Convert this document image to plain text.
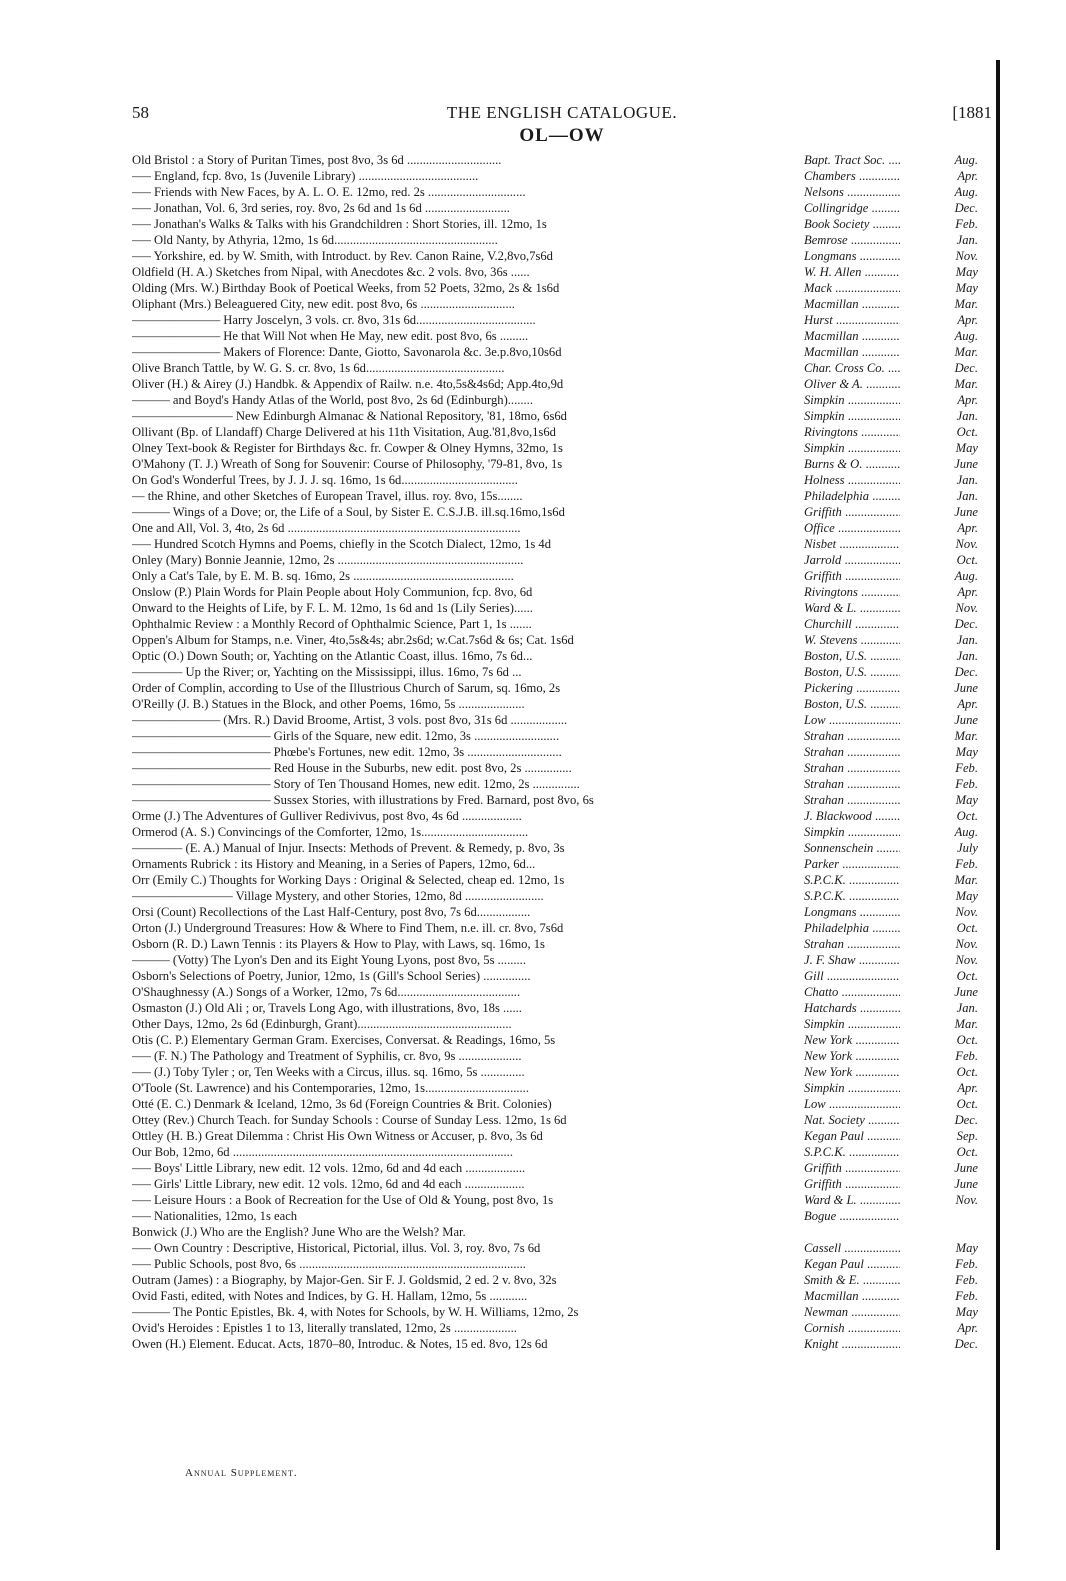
58	THE ENGLISH CATALOGUE.	[1881
OL—OW
Old Bristol : a Story of Puritan Times, post 8vo, 3s 6d ..............................	Bapt. Tract Soc. .....	Aug.
—– England, fcp. 8vo, 1s (Juvenile Library) ......................................	Chambers .....	Apr.
—– Friends with New Faces, by A. L. O. E. 12mo, red. 2s ...............................	Nelsons .....	Aug.
—– Jonathan, Vol. 6, 3rd series, roy. 8vo, 2s 6d and 1s 6d ...........................	Collingridge .....	Dec.
—– Jonathan's Walks & Talks with his Grandchildren : Short Stories, ill. 12mo, 1s	Book Society .....	Feb.
—– Old Nanty, by Athyria, 12mo, 1s 6d....................................................	Bemrose .....	Jan.
—– Yorkshire, ed. by W. Smith, with Introduct. by Rev. Canon Raine, V.2,8vo,7s6d	Longmans .....	Nov.
Oldfield (H. A.) Sketches from Nipal, with Anecdotes &c. 2 vols. 8vo, 36s ......	W. H. Allen .....	May
Olding (Mrs. W.) Birthday Book of Poetical Weeks, from 52 Poets, 32mo, 2s & 1s6d	Mack .....	May
Oliphant (Mrs.) Beleaguered City, new edit. post 8vo, 6s ..............................	Macmillan .....	Mar.
——————— Harry Joscelyn, 3 vols. cr. 8vo, 31s 6d......................................	Hurst .....	Apr.
——————— He that Will Not when He May, new edit. post 8vo, 6s .........	Macmillan .....	Aug.
——————— Makers of Florence: Dante, Giotto, Savonarola &c. 3e.p.8vo,10s6d	Macmillan .....	Mar.
Olive Branch Tattle, by W. G. S. cr. 8vo, 1s 6d............................................	Char. Cross Co. .....	Dec.
Oliver (H.) & Airey (J.) Handbk. & Appendix of Railw. n.e. 4to,5s&4s6d; App.4to,9d	Oliver & A. .....	Mar.
——— and Boyd's Handy Atlas of the World, post 8vo, 2s 6d (Edinburgh)........	Simpkin .....	Apr.
———————— New Edinburgh Almanac & National Repository, '81, 18mo, 6s6d	Simpkin .....	Jan.
Ollivant (Bp. of Llandaff) Charge Delivered at his 11th Visitation, Aug.'81,8vo,1s6d	Rivingtons .....	Oct.
Olney Text-book & Register for Birthdays &c. fr. Cowper & Olney Hymns, 32mo, 1s	Simpkin .....	May
O'Mahony (T. J.) Wreath of Song for Souvenir: Course of Philosophy, '79-81, 8vo, 1s	Burns & O. .....	June
On God's Wonderful Trees, by J. J. J. sq. 16mo, 1s 6d.....................................	Holness .....	Jan.
— the Rhine, and other Sketches of European Travel, illus. roy. 8vo, 15s........	Philadelphia .....	Jan.
——— Wings of a Dove; or, the Life of a Soul, by Sister E. C.S.J.B. ill.sq.16mo,1s6d	Griffith .....	June
One and All, Vol. 3, 4to, 2s 6d ..........................................................................	Office .....	Apr.
—– Hundred Scotch Hymns and Poems, chiefly in the Scotch Dialect, 12mo, 1s 4d	Nisbet .....	Nov.
Onley (Mary) Bonnie Jeannie, 12mo, 2s ...........................................................	Jarrold .....	Oct.
Only a Cat's Tale, by E. M. B. sq. 16mo, 2s ...................................................	Griffith .....	Aug.
Onslow (P.) Plain Words for Plain People about Holy Communion, fcp. 8vo, 6d	Rivingtons .....	Apr.
Onward to the Heights of Life, by F. L. M. 12mo, 1s 6d and 1s (Lily Series)......	Ward & L. .....	Nov.
Ophthalmic Review : a Monthly Record of Ophthalmic Science, Part 1, 1s .......	Churchill .....	Dec.
Oppen's Album for Stamps, n.e. Viner, 4to,5s&4s; abr.2s6d; w.Cat.7s6d & 6s; Cat. 1s6d	W. Stevens .....	Jan.
Optic (O.) Down South; or, Yachting on the Atlantic Coast, illus. 16mo, 7s 6d...	Boston, U.S. .....	Jan.
———— Up the River; or, Yachting on the Mississippi, illus. 16mo, 7s 6d ...	Boston, U.S. .....	Dec.
Order of Complin, according to Use of the Illustrious Church of Sarum, sq. 16mo, 2s	Pickering .....	June
O'Reilly (J. B.) Statues in the Block, and other Poems, 16mo, 5s .....................	Boston, U.S. .....	Apr.
——————— (Mrs. R.) David Broome, Artist, 3 vols. post 8vo, 31s 6d ..................	Low .....	June
——————————— Girls of the Square, new edit. 12mo, 3s ...........................	Strahan .....	Mar.
——————————— Phœbe's Fortunes, new edit. 12mo, 3s ..............................	Strahan .....	May
——————————— Red House in the Suburbs, new edit. post 8vo, 2s ...............	Strahan .....	Feb.
——————————— Story of Ten Thousand Homes, new edit. 12mo, 2s ...............	Strahan .....	Feb.
——————————— Sussex Stories, with illustrations by Fred. Barnard, post 8vo, 6s	Strahan .....	May
Orme (J.) The Adventures of Gulliver Redivivus, post 8vo, 4s 6d ...................	J. Blackwood .....	Oct.
Ormerod (A. S.) Convincings of the Comforter, 12mo, 1s..................................	Simpkin .....	Aug.
———— (E. A.) Manual of Injur. Insects: Methods of Prevent. & Remedy, p. 8vo, 3s	Sonnenschein .....	July
Ornaments Rubrick : its History and Meaning, in a Series of Papers, 12mo, 6d...	Parker .....	Feb.
Orr (Emily C.) Thoughts for Working Days : Original & Selected, cheap ed. 12mo, 1s	S.P.C.K. .....	Mar.
———————— Village Mystery, and other Stories, 12mo, 8d .........................	S.P.C.K. .....	May
Orsi (Count) Recollections of the Last Half-Century, post 8vo, 7s 6d.................	Longmans .....	Nov.
Orton (J.) Underground Treasures: How & Where to Find Them, n.e. ill. cr. 8vo, 7s6d	Philadelphia .....	Oct.
Osborn (R. D.) Lawn Tennis : its Players & How to Play, with Laws, sq. 16mo, 1s	Strahan .....	Nov.
——— (Votty) The Lyon's Den and its Eight Young Lyons, post 8vo, 5s .........	J. F. Shaw .....	Nov.
Osborn's Selections of Poetry, Junior, 12mo, 1s (Gill's School Series) ...............	Gill .....	Oct.
O'Shaughnessy (A.) Songs of a Worker, 12mo, 7s 6d.......................................	Chatto .....	June
Osmaston (J.) Old Ali ; or, Travels Long Ago, with illustrations, 8vo, 18s ......	Hatchards .....	Jan.
Other Days, 12mo, 2s 6d (Edinburgh, Grant).................................................	Simpkin .....	Mar.
Otis (C. P.) Elementary German Gram. Exercises, Conversat. & Readings, 16mo, 5s	New York .....	Oct.
—– (F. N.) The Pathology and Treatment of Syphilis, cr. 8vo, 9s ....................	New York .....	Feb.
—– (J.) Toby Tyler ; or, Ten Weeks with a Circus, illus. sq. 16mo, 5s ..............	New York .....	Oct.
O'Toole (St. Lawrence) and his Contemporaries, 12mo, 1s.................................	Simpkin .....	Apr.
Otté (E. C.) Denmark & Iceland, 12mo, 3s 6d (Foreign Countries & Brit. Colonies)	Low .....	Oct.
Ottey (Rev.) Church Teach. for Sunday Schools : Course of Sunday Less. 12mo, 1s 6d	Nat. Society .....	Dec.
Ottley (H. B.) Great Dilemma : Christ His Own Witness or Accuser, p. 8vo, 3s 6d	Kegan Paul .....	Sep.
Our Bob, 12mo, 6d .........................................................................................	S.P.C.K. .....	Oct.
—– Boys' Little Library, new edit. 12 vols. 12mo, 6d and 4d each ...................	Griffith .....	June
—– Girls' Little Library, new edit. 12 vols. 12mo, 6d and 4d each ...................	Griffith .....	June
—– Leisure Hours : a Book of Recreation for the Use of Old & Young, post 8vo, 1s	Ward & L. .....	Nov.
—– Nationalities, 12mo, 1s each	Bogue .....
Bonwick (J.) Who are the English? June Who are the Welsh? Mar.
—– Own Country : Descriptive, Historical, Pictorial, illus. Vol. 3, roy. 8vo, 7s 6d	Cassell .....	May
—– Public Schools, post 8vo, 6s ........................................................................	Kegan Paul .....	Feb.
Outram (James) : a Biography, by Major-Gen. Sir F. J. Goldsmid, 2 ed. 2 v. 8vo, 32s	Smith & E. .....	Feb.
Ovid Fasti, edited, with Notes and Indices, by G. H. Hallam, 12mo, 5s ............	Macmillan .....	Feb.
——— The Pontic Epistles, Bk. 4, with Notes for Schools, by W. H. Williams, 12mo, 2s	Newman .....	May
Ovid's Heroides : Epistles 1 to 13, literally translated, 12mo, 2s ....................	Cornish .....	Apr.
Owen (H.) Element. Educat. Acts, 1870–80, Introduc. & Notes, 15 ed. 8vo, 12s 6d	Knight .....	Dec.
Annual Supplement.
